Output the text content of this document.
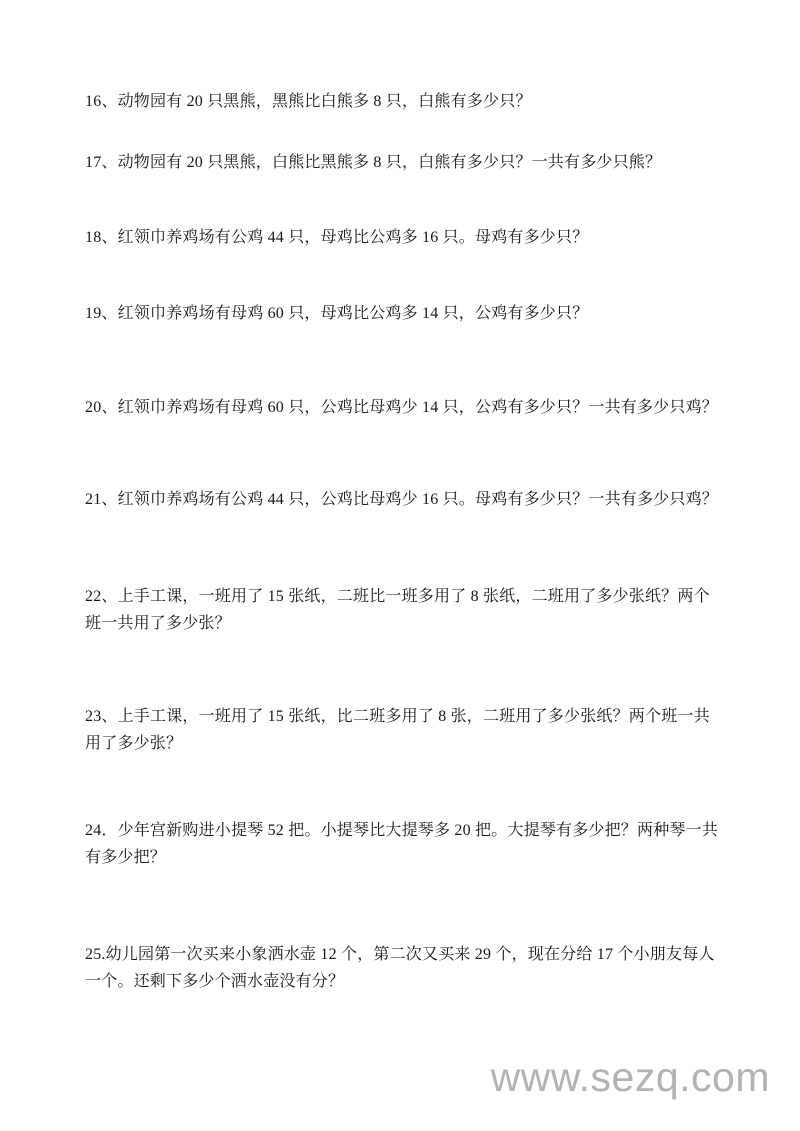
16、动物园有 20 只黑熊，黑熊比白熊多 8 只，白熊有多少只？
17、动物园有 20 只黑熊，白熊比黑熊多 8 只，白熊有多少只？一共有多少只熊？
18、红领巾养鸡场有公鸡 44 只，母鸡比公鸡多 16 只。母鸡有多少只？
19、红领巾养鸡场有母鸡 60 只，母鸡比公鸡多 14 只，公鸡有多少只？
20、红领巾养鸡场有母鸡 60 只，公鸡比母鸡少 14 只，公鸡有多少只？一共有多少只鸡？
21、红领巾养鸡场有公鸡 44 只，公鸡比母鸡少 16 只。母鸡有多少只？一共有多少只鸡？
22、上手工课，一班用了 15 张纸，二班比一班多用了 8 张纸，二班用了多少张纸？两个
班一共用了多少张？
23、上手工课，一班用了 15 张纸，比二班多用了 8 张，二班用了多少张纸？两个班一共
用了多少张？
24．少年宫新购进小提琴 52 把。小提琴比大提琴多 20 把。大提琴有多少把？两种琴一共
有多少把？
25.幼儿园第一次买来小象洒水壶 12 个，第二次又买来 29 个，现在分给 17 个小朋友每人
一个。还剩下多少个洒水壶没有分？
www.sezq.com
